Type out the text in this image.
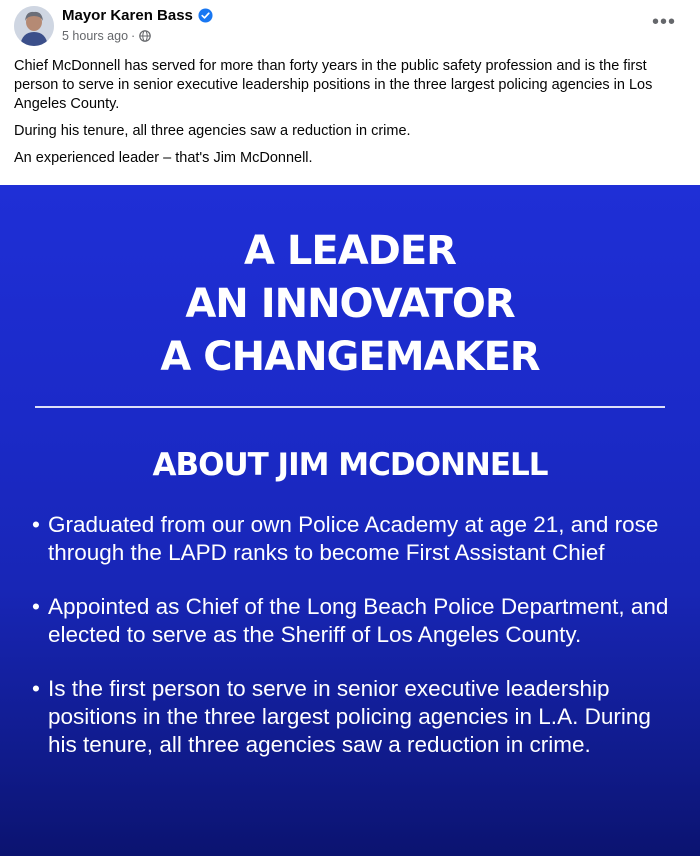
Mayor Karen Bass
5 hours ago ·
•••

Chief McDonnell has served for more than forty years in the public safety profession and is the first person to serve in senior executive leadership positions in the three largest policing agencies in Los Angeles County.

During his tenure, all three agencies saw a reduction in crime.

An experienced leader – that's Jim McDonnell.

A LEADER
AN INNOVATOR
A CHANGEMAKER
ABOUT JIM MCDONNELL
• Graduated from our own Police Academy at age 21, and rose through the LAPD ranks to become First Assistant Chief
• Appointed as Chief of the Long Beach Police Department, and elected to serve as the Sheriff of Los Angeles County.
• Is the first person to serve in senior executive leadership positions in the three largest policing agencies in L.A. During his tenure, all three agencies saw a reduction in crime.
